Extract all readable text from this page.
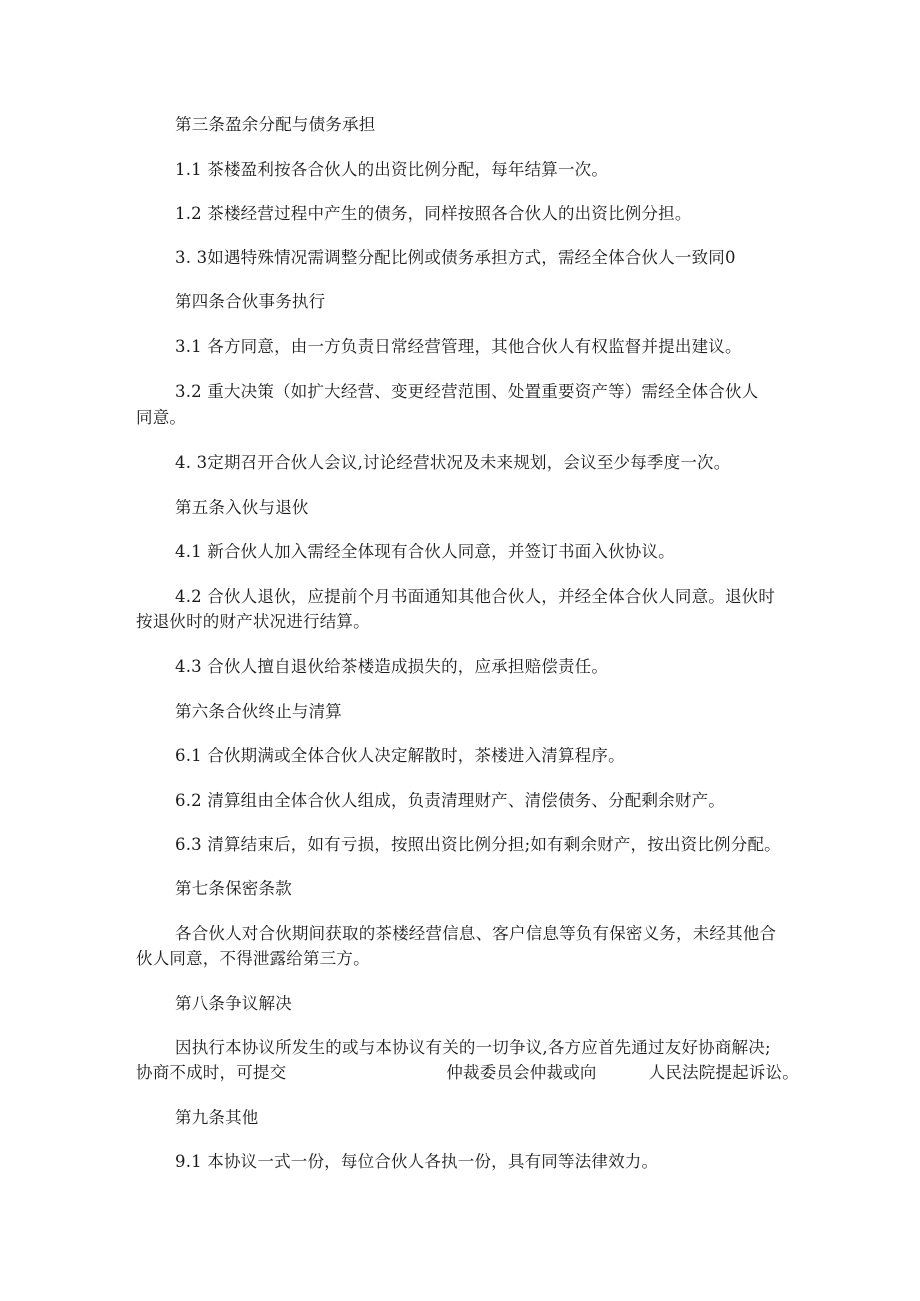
第三条盈余分配与债务承担
1.1 茶楼盈利按各合伙人的出资比例分配，每年结算一次。
1.2 茶楼经营过程中产生的债务，同样按照各合伙人的出资比例分担。
3. 3如遇特殊情况需调整分配比例或债务承担方式，需经全体合伙人一致同0
第四条合伙事务执行
3.1 各方同意，由一方负责日常经营管理，其他合伙人有权监督并提出建议。
3.2 重大决策（如扩大经营、变更经营范围、处置重要资产等）需经全体合伙人
同意。
4. 3定期召开合伙人会议,讨论经营状况及未来规划，会议至少每季度一次。
第五条入伙与退伙
4.1 新合伙人加入需经全体现有合伙人同意，并签订书面入伙协议。
4.2 合伙人退伙，应提前个月书面通知其他合伙人，并经全体合伙人同意。退伙时
按退伙时的财产状况进行结算。
4.3 合伙人擅自退伙给茶楼造成损失的，应承担赔偿责任。
第六条合伙终止与清算
6.1 合伙期满或全体合伙人决定解散时，茶楼进入清算程序。
6.2 清算组由全体合伙人组成，负责清理财产、清偿债务、分配剩余财产。
6.3 清算结束后，如有亏损，按照出资比例分担;如有剩余财产，按出资比例分配。
第七条保密条款
各合伙人对合伙期间获取的茶楼经营信息、客户信息等负有保密义务，未经其他合
伙人同意，不得泄露给第三方。
第八条争议解决
因执行本协议所发生的或与本协议有关的一切争议,各方应首先通过友好协商解决;
协商不成时，可提交	仲裁委员会仲裁或向	人民法院提起诉讼。
第九条其他
9.1 本协议一式一份，每位合伙人各执一份，具有同等法律效力。
